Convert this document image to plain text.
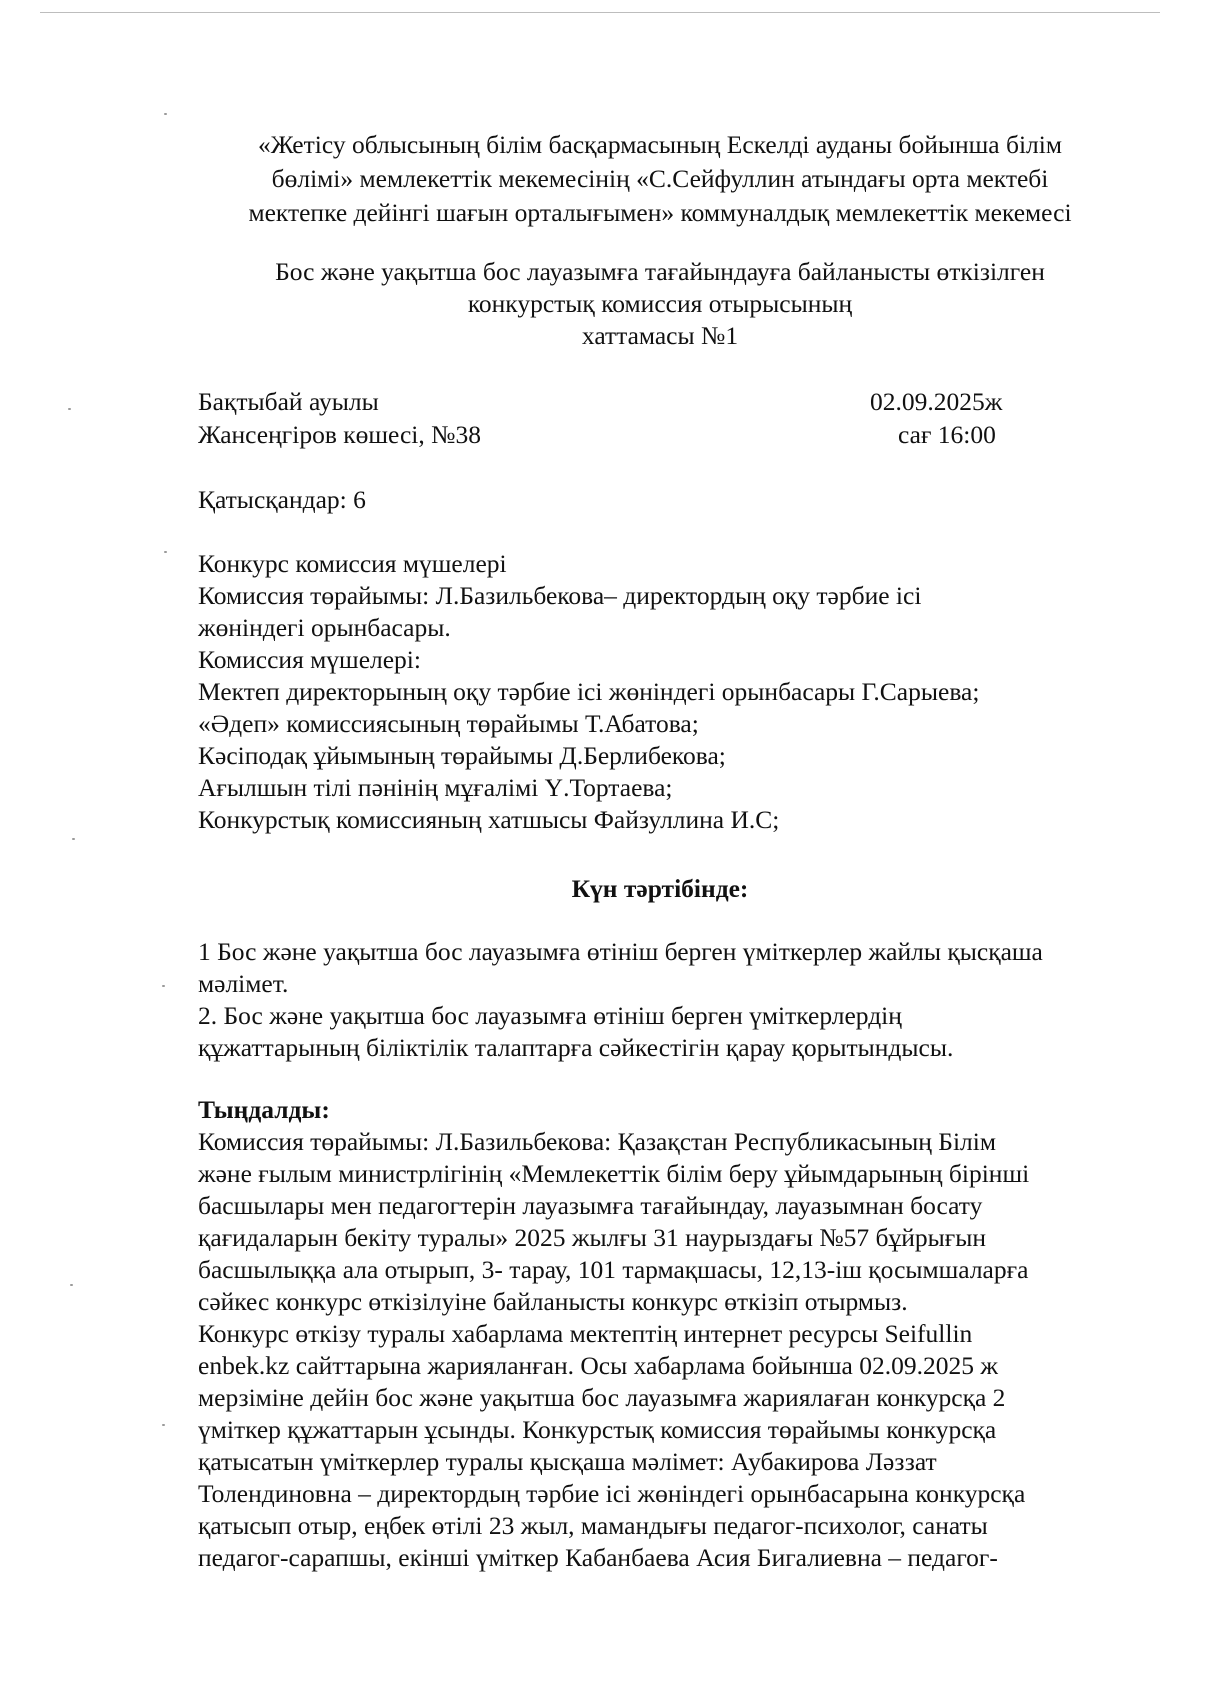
«Жетісу облысының білім басқармасының Ескелді ауданы бойынша білім
бөлімі» мемлекеттік мекемесінің «С.Сейфуллин атындағы орта мектебі
мектепке дейінгі шағын орталығымен» коммуналдық мемлекеттік мекемесі
Бос және уақытша бос лауазымға тағайындауға байланысты өткізілген
конкурстық комиссия отырысының
хаттамасы №1
Бақтыбай ауылы
Жансеңгіров көшесі, №38
02.09.2025ж
сағ 16:00
Қатысқандар: 6
Конкурс комиссия мүшелері
Комиссия төрайымы: Л.Базильбекова– директордың оқу тәрбие ісі
жөніндегі орынбасары.
Комиссия мүшелері:
Мектеп директорының оқу тәрбие ісі жөніндегі орынбасары Г.Сарыева;
«Әдеп» комиссиясының төрайымы Т.Абатова;
Кәсіподақ ұйымының төрайымы Д.Берлибекова;
Ағылшын тілі пәнінің мұғалімі Ү.Тортаева;
Конкурстық комиссияның хатшысы Файзуллина И.С;
Күн тәртібінде:
1 Бос және уақытша бос лауазымға өтініш берген үміткерлер жайлы қысқаша
мәлімет.
2. Бос және уақытша бос лауазымға өтініш берген үміткерлердің
құжаттарының біліктілік талаптарға сәйкестігін қарау қорытындысы.
Тыңдалды:
Комиссия төрайымы: Л.Базильбекова: Қазақстан Республикасының Білім
және ғылым министрлігінің «Мемлекеттік білім беру ұйымдарының бірінші
басшылары мен педагогтерін лауазымға тағайындау, лауазымнан босату
қағидаларын бекіту туралы» 2025 жылғы 31 наурыздағы №57 бұйрығын
басшылыққа ала отырып, 3- тарау, 101 тармақшасы, 12,13-іш қосымшаларға
сәйкес конкурс өткізілуіне байланысты конкурс өткізіп отырмыз.
Конкурс өткізу туралы хабарлама мектептің интернет ресурсы Seifullin
enbek.kz сайттарына жарияланған. Осы хабарлама бойынша 02.09.2025 ж
мерзіміне дейін бос және уақытша бос лауазымға жариялаған конкурсқа 2
үміткер құжаттарын ұсынды. Конкурстық комиссия төрайымы конкурсқа
қатысатын үміткерлер туралы қысқаша мәлімет: Аубакирова Ләззат
Толендиновна – директордың тәрбие ісі жөніндегі орынбасарына конкурсқа
қатысып отыр, еңбек өтілі 23 жыл, мамандығы педагог-психолог, санаты
педагог-сарапшы, екінші үміткер Кабанбаева Асия Бигалиевна – педагог-
